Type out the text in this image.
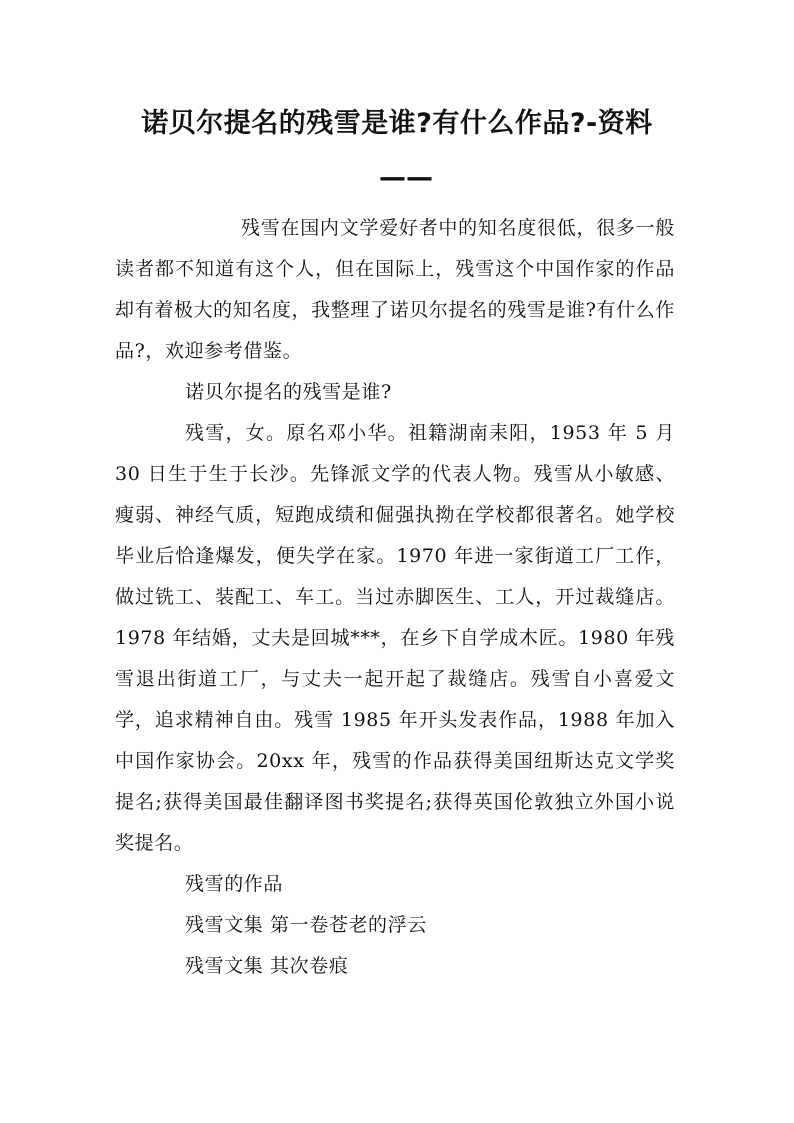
诺贝尔提名的残雪是谁?有什么作品?-资料
——

残雪在国内文学爱好者中的知名度很低，很多一般读者都不知道有这个人，但在国际上，残雪这个中国作家的作品却有着极大的知名度，我整理了诺贝尔提名的残雪是谁?有什么作品?，欢迎参考借鉴。

诺贝尔提名的残雪是谁?

残雪，女。原名邓小华。祖籍湖南耒阳，1953 年 5 月 30 日生于生于长沙。先锋派文学的代表人物。残雪从小敏感、瘦弱、神经气质，短跑成绩和倔强执拗在学校都很著名。她学校毕业后恰逢爆发，便失学在家。1970 年进一家街道工厂工作，做过铣工、装配工、车工。当过赤脚医生、工人，开过裁缝店。1978 年结婚，丈夫是回城***，在乡下自学成木匠。1980 年残雪退出街道工厂，与丈夫一起开起了裁缝店。残雪自小喜爱文学，追求精神自由。残雪 1985 年开头发表作品，1988 年加入中国作家协会。20xx 年，残雪的作品获得美国纽斯达克文学奖提名;获得美国最佳翻译图书奖提名;获得英国伦敦独立外国小说奖提名。

残雪的作品

残雪文集 第一卷苍老的浮云

残雪文集 其次卷痕
